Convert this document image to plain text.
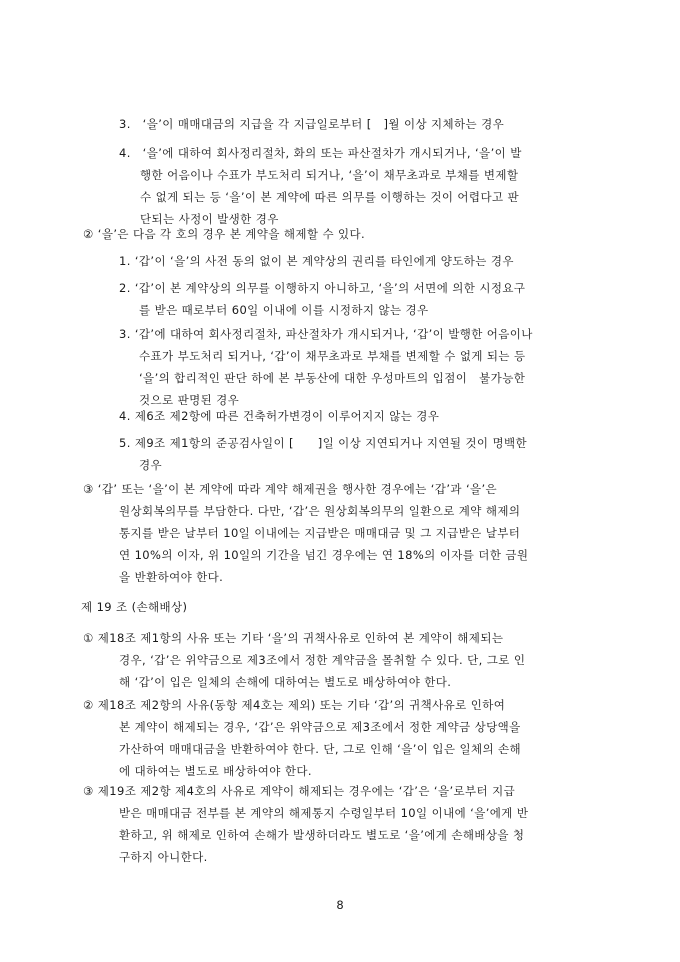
3.　‘을’이 매매대금의 지급을 각 지급일로부터 [　]월 이상 지체하는 경우
4.　‘을’에 대하여 회사정리절차, 화의 또는 파산절차가 개시되거나, ‘을’이 발
행한 어음이나 수표가 부도처리 되거나, ‘을’이 채무초과로 부채를 변제할
수 없게 되는 등 ‘을’이 본 계약에 따른 의무를 이행하는 것이 어렵다고 판
단되는 사정이 발생한 경우
② ‘을’은 다음 각 호의 경우 본 계약을 해제할 수 있다.
1. ‘갑’이 ‘을’의 사전 동의 없이 본 계약상의 권리를 타인에게 양도하는 경우
2. ‘갑’이 본 계약상의 의무를 이행하지 아니하고, ‘을’의 서면에 의한 시정요구
를 받은 때로부터 60일 이내에 이를 시정하지 않는 경우
3. ‘갑’에 대하여 회사정리절차, 파산절차가 개시되거나, ‘갑’이 발행한 어음이나
수표가 부도처리 되거나, ‘갑’이 채무초과로 부채를 변제할 수 없게 되는 등
‘을’의 합리적인 판단 하에 본 부동산에 대한 우성마트의 입점이　불가능한
것으로 판명된 경우
4. 제6조 제2항에 따른 건축허가변경이 이루어지지 않는 경우
5. 제9조 제1항의 준공검사일이 [　　]일 이상 지연되거나 지연될 것이 명백한
경우
③ ‘갑’ 또는 ‘을’이 본 계약에 따라 계약 해제권을 행사한 경우에는 ‘갑’과 ‘을’은
원상회복의무를 부담한다. 다만, ‘갑’은 원상회복의무의 일환으로 계약 해제의
통지를 받은 날부터 10일 이내에는 지급받은 매매대금 및 그 지급받은 날부터
연 10%의 이자, 위 10일의 기간을 넘긴 경우에는 연 18%의 이자를 더한 금원
을 반환하여야 한다.
제 19 조 (손해배상)
① 제18조 제1항의 사유 또는 기타 ‘을’의 귀책사유로 인하여 본 계약이 해제되는
경우, ‘갑’은 위약금으로 제3조에서 정한 계약금을 몰취할 수 있다. 단, 그로 인
해 ‘갑’이 입은 일체의 손해에 대하여는 별도로 배상하여야 한다.
② 제18조 제2항의 사유(동항 제4호는 제외) 또는 기타 ‘갑’의 귀책사유로 인하여
본 계약이 해제되는 경우, ‘갑’은 위약금으로 제3조에서 정한 계약금 상당액을
가산하여 매매대금을 반환하여야 한다. 단, 그로 인해 ‘을’이 입은 일체의 손해
에 대하여는 별도로 배상하여야 한다.
③ 제19조 제2항 제4호의 사유로 계약이 해제되는 경우에는 ‘갑’은 ‘을’로부터 지급
받은 매매대금 전부를 본 계약의 해제통지 수령일부터 10일 이내에 ‘을’에게 반
환하고, 위 해제로 인하여 손해가 발생하더라도 별도로 ‘을’에게 손해배상을 청
구하지 아니한다.
8
